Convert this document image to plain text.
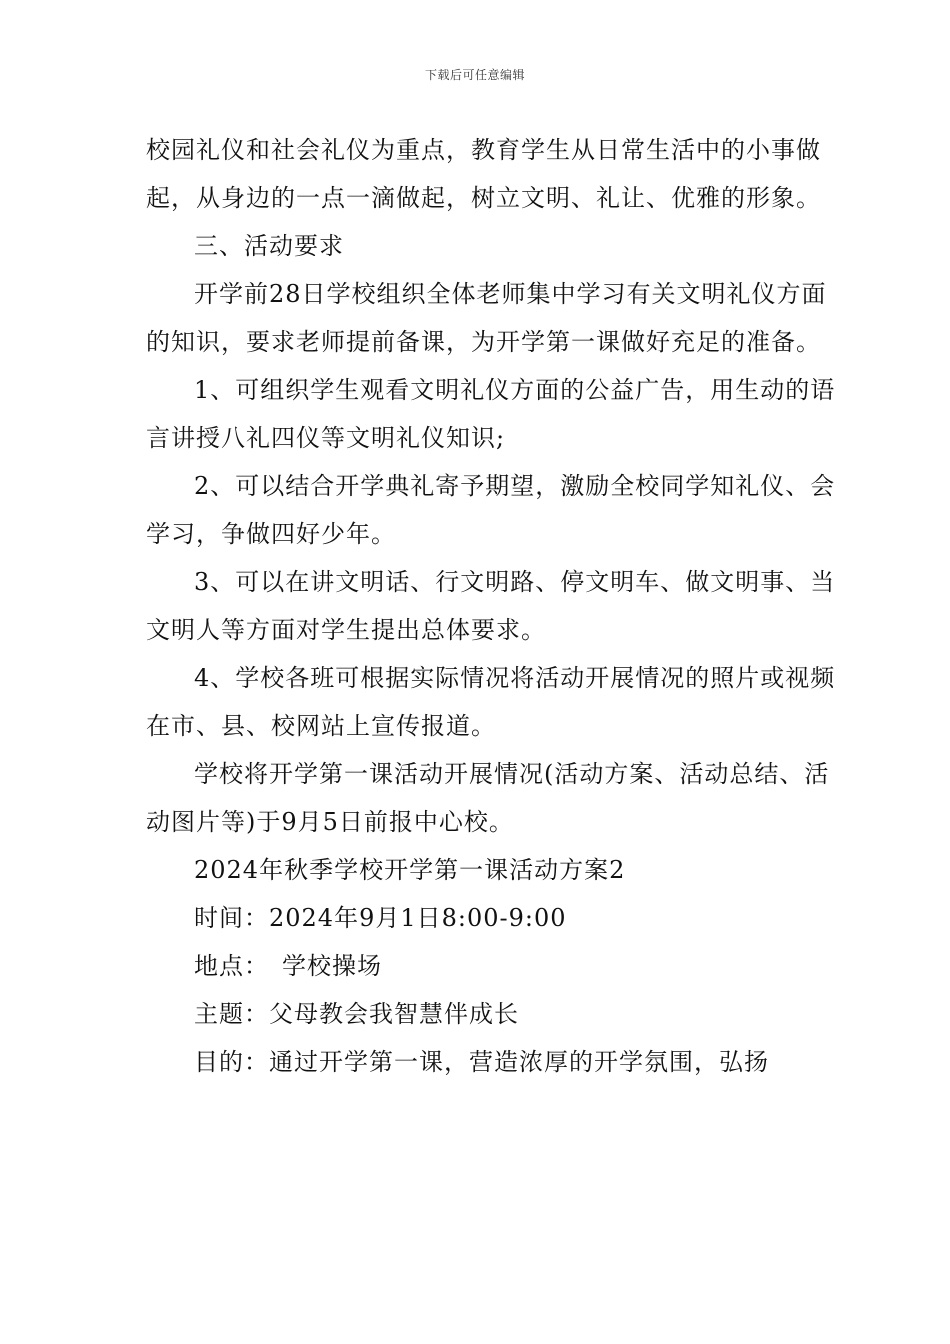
下载后可任意编辑

校园礼仪和社会礼仪为重点，教育学生从日常生活中的小事做起，从身边的一点一滴做起，树立文明、礼让、优雅的形象。

三、活动要求

开学前28日学校组织全体老师集中学习有关文明礼仪方面的知识，要求老师提前备课，为开学第一课做好充足的准备。

1、可组织学生观看文明礼仪方面的公益广告，用生动的语言讲授八礼四仪等文明礼仪知识;

2、可以结合开学典礼寄予期望，激励全校同学知礼仪、会学习，争做四好少年。

3、可以在讲文明话、行文明路、停文明车、做文明事、当文明人等方面对学生提出总体要求。

4、学校各班可根据实际情况将活动开展情况的照片或视频在市、县、校网站上宣传报道。

学校将开学第一课活动开展情况(活动方案、活动总结、活动图片等)于9月5日前报中心校。

2024年秋季学校开学第一课活动方案2

时间：2024年9月1日8:00-9:00

地点：　学校操场

主题：父母教会我智慧伴成长

目的：通过开学第一课，营造浓厚的开学氛围，弘扬
